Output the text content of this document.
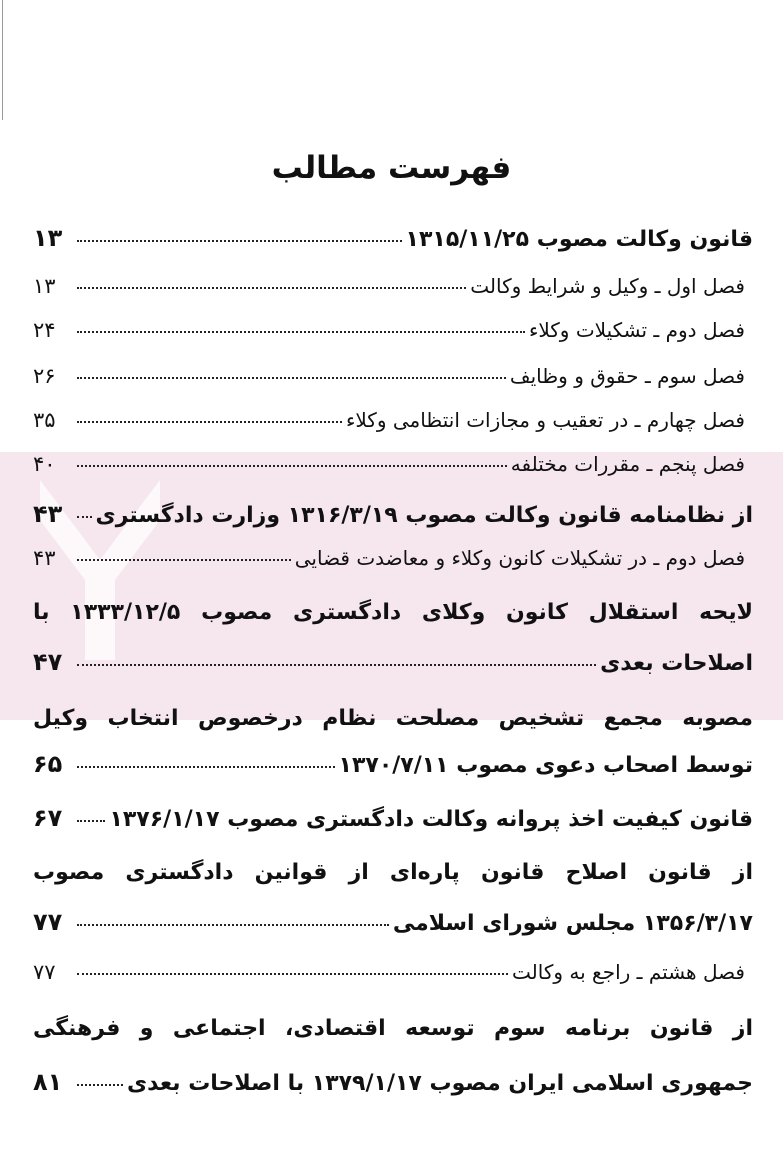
فهرست مطالب
قانون وکالت مصوب ۱۳۱۵/۱۱/۲۵
۱۳
فصل اول ـ وکیل و شرایط وکالت
۱۳
فصل دوم ـ تشکیلات وکلاء
۲۴
فصل سوم ـ حقوق و وظایف
۲۶
فصل چهارم ـ در تعقیب و مجازات انتظامی وکلاء
۳۵
فصل پنجم ـ مقررات مختلفه
۴۰
از نظامنامه قانون وکالت مصوب ۱۳۱۶/۳/۱۹ وزارت دادگستری
۴۳
فصل دوم ـ در تشکیلات کانون وکلاء و معاضدت قضایی
۴۳
لایحه استقلال کانون وکلای دادگستری مصوب ۱۳۳۳/۱۲/۵ با
اصلاحات بعدی
۴۷
مصوبه مجمع تشخیص مصلحت نظام درخصوص انتخاب وکیل
توسط اصحاب دعوی مصوب ۱۳۷۰/۷/۱۱
۶۵
قانون کیفیت اخذ پروانه وکالت دادگستری مصوب ۱۳۷۶/۱/۱۷
۶۷
از قانون اصلاح قانون پاره‌ای از قوانین دادگستری مصوب
۱۳۵۶/۳/۱۷ مجلس شورای اسلامی
۷۷
فصل هشتم ـ راجع به وکالت
۷۷
از قانون برنامه سوم توسعه اقتصادی، اجتماعی و فرهنگی
جمهوری اسلامی ایران مصوب ۱۳۷۹/۱/۱۷ با اصلاحات بعدی
۸۱
